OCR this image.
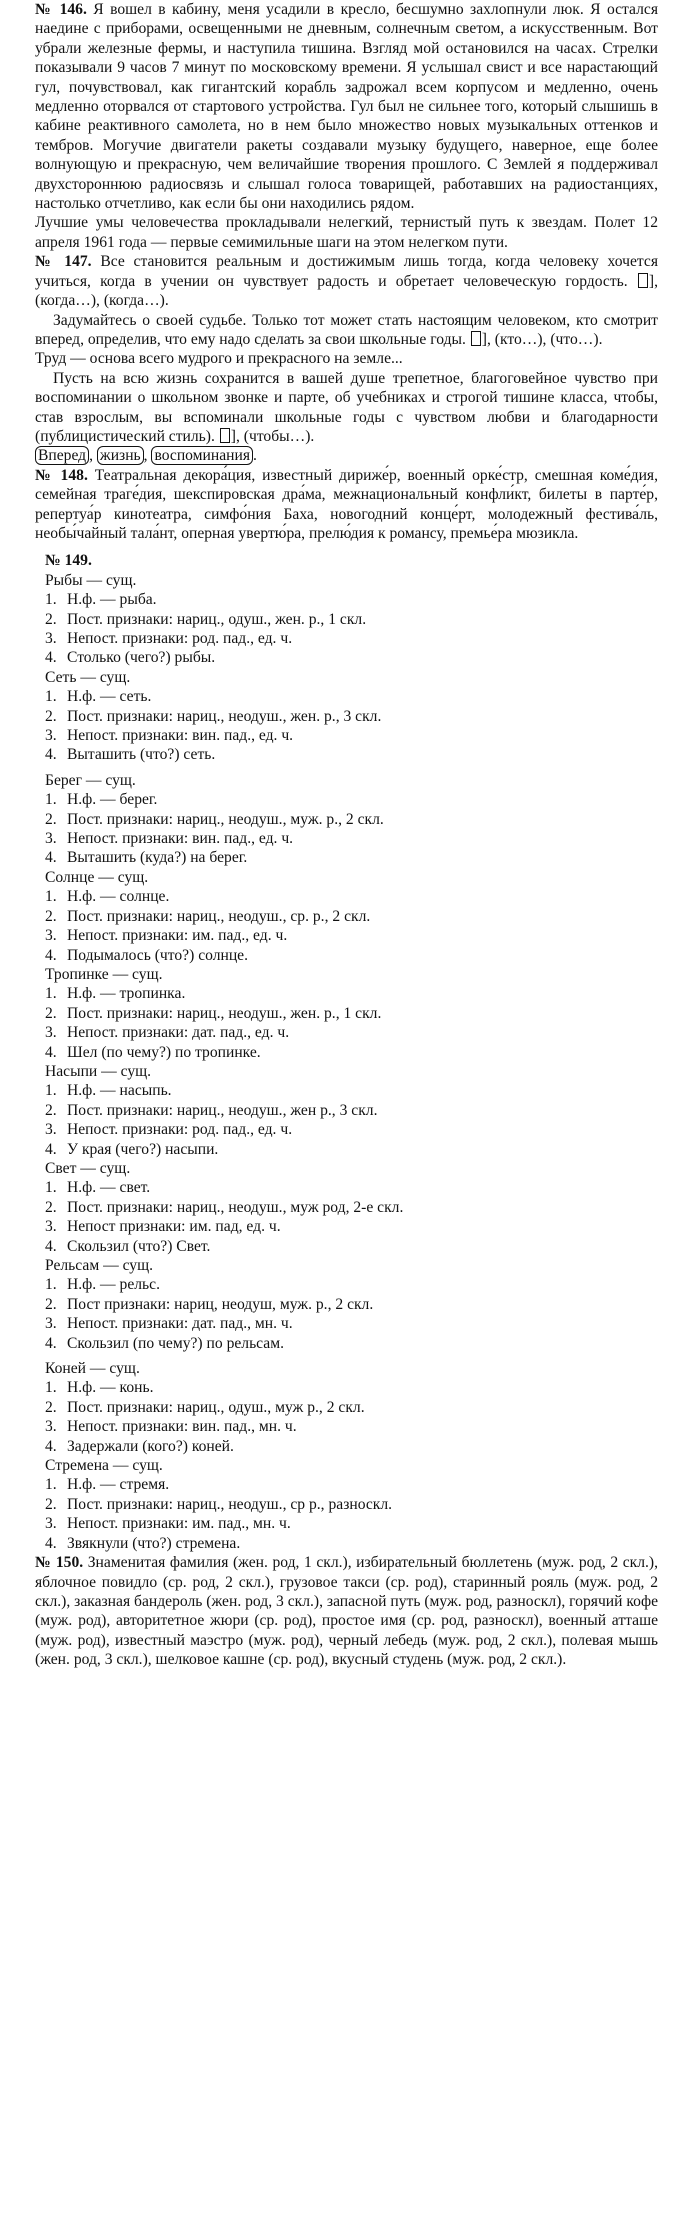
№ 146. Я вошел в кабину, меня усадили в кресло, бесшумно захлопнули люк. Я остался наедине с приборами, освещенными не дневным, солнечным светом, а искусственным. Вот убрали железные фермы, и наступила тишина. Взгляд мой остановился на часах. Стрелки показывали 9 часов 7 минут по московскому времени. Я услышал свист и все нарастающий гул, почувствовал, как гигантский корабль задрожал всем корпусом и медленно, очень медленно оторвался от стартового устройства. Гул был не сильнее того, который слышишь в кабине реактивного самолета, но в нем было множество новых музыкальных оттенков и тембров. Могучие двигатели ракеты создавали музыку будущего, наверное, еще более волнующую и прекрасную, чем величайшие творения прошлого. С Землей я поддерживал двухстороннюю радиосвязь и слышал голоса товарищей, работавших на радиостанциях, настолько отчетливо, как если бы они находились рядом.

Лучшие умы человечества прокладывали нелегкий, тернистый путь к звездам. Полет 12 апреля 1961 года — первые семимильные шаги на этом нелегком пути.

№ 147. Все становится реальным и достижимым лишь тогда, когда человеку хочется учиться, когда в учении он чувствует радость и обретает человеческую гордость. ], (когда…), (когда…).

Задумайтесь о своей судьбе. Только тот может стать настоящим человеком, кто смотрит вперед, определив, что ему надо сделать за свои школьные годы. ], (кто…), (что…).

Труд — основа всего мудрого и прекрасного на земле...

Пусть на всю жизнь сохранится в вашей душе трепетное, благоговейное чувство при воспоминании о школьном звонке и парте, об учебниках и строгой тишине класса, чтобы, став взрослым, вы вспоминали школьные годы с чувством любви и благодарности (публицистический стиль). ], (чтобы…).

Вперед , жизнь , воспоминания .

№ 148. Театральная декора́ция, известный дириже́р, военный орке́стр, смешная коме́дия, семейная траге́дия, шекспировская дра́ма, межнациональный конфли́кт, билеты в парте́р, репертуа́р кинотеатра, симфо́ния Баха, новогодний конце́рт, молодежный фестива́ль, необы́чайный тала́нт, оперная увертю́ра, прелю́дия к романсу, премье́ра мюзикла.

№ 149.

Рыбы — сущ.

1. Н.ф. — рыба.
2. Пост. признаки: нариц., одуш., жен. р., 1 скл.
3. Непост. признаки: род. пад., ед. ч.
4. Столько (чего?) рыбы.

Сеть — сущ.

1. Н.ф. — сеть.
2. Пост. признаки: нариц., неодуш., жен. р., 3 скл.
3. Непост. признаки: вин. пад., ед. ч.
4. Выташить (что?) сеть.

Берег — сущ.

1. Н.ф. — берег.
2. Пост. признаки: нариц., неодуш., муж. р., 2 скл.
3. Непост. признаки: вин. пад., ед. ч.
4. Выташить (куда?) на берег.

Солнце — сущ.

1. Н.ф. — солнце.
2. Пост. признаки: нариц., неодуш., ср. р., 2 скл.
3. Непост. признаки: им. пад., ед. ч.
4. Подымалось (что?) солнце.

Тропинке — сущ.

1. Н.ф. — тропинка.
2. Пост. признаки: нариц., неодуш., жен. р., 1 скл.
3. Непост. признаки: дат. пад., ед. ч.
4. Шел (по чему?) по тропинке.

Насыпи — сущ.

1. Н.ф. — насыпь.
2. Пост. признаки: нариц., неодуш., жен р., 3 скл.
3. Непост. признаки: род. пад., ед. ч.
4. У края (чего?) насыпи.

Свет — сущ.

1. Н.ф. — свет.
2. Пост. признаки: нариц., неодуш., муж род, 2-е скл.
3. Непост признаки: им. пад, ед. ч.
4. Скользил (что?) Свет.

Рельсам — сущ.

1. Н.ф. — рельс.
2. Пост признаки: нариц, неодуш, муж. р., 2 скл.
3. Непост. признаки: дат. пад., мн. ч.
4. Скользил (по чему?) по рельсам.

Коней — сущ.

1. Н.ф. — конь.
2. Пост. признаки: нариц., одуш., муж р., 2 скл.
3. Непост. признаки: вин. пад., мн. ч.
4. Задержали (кого?) коней.

Стремена — сущ.

1. Н.ф. — стремя.
2. Пост. признаки: нариц., неодуш., ср р., разноскл.
3. Непост. признаки: им. пад., мн. ч.
4. Звякнули (что?) стремена.

№ 150. Знаменитая фамилия (жен. род, 1 скл.), избирательный бюллетень (муж. род, 2 скл.), яблочное повидло (ср. род, 2 скл.), грузовое такси (ср. род), старинный рояль (муж. род, 2 скл.), заказная бандероль (жен. род, 3 скл.), запасной путь (муж. род, разноскл), горячий кофе (муж. род), авторитетное жюри (ср. род), простое имя (ср. род, разноскл), военный атташе (муж. род), известный маэстро (муж. род), черный лебедь (муж. род, 2 скл.), полевая мышь (жен. род, 3 скл.), шелковое кашне (ср. род), вкусный студень (муж. род, 2 скл.).
